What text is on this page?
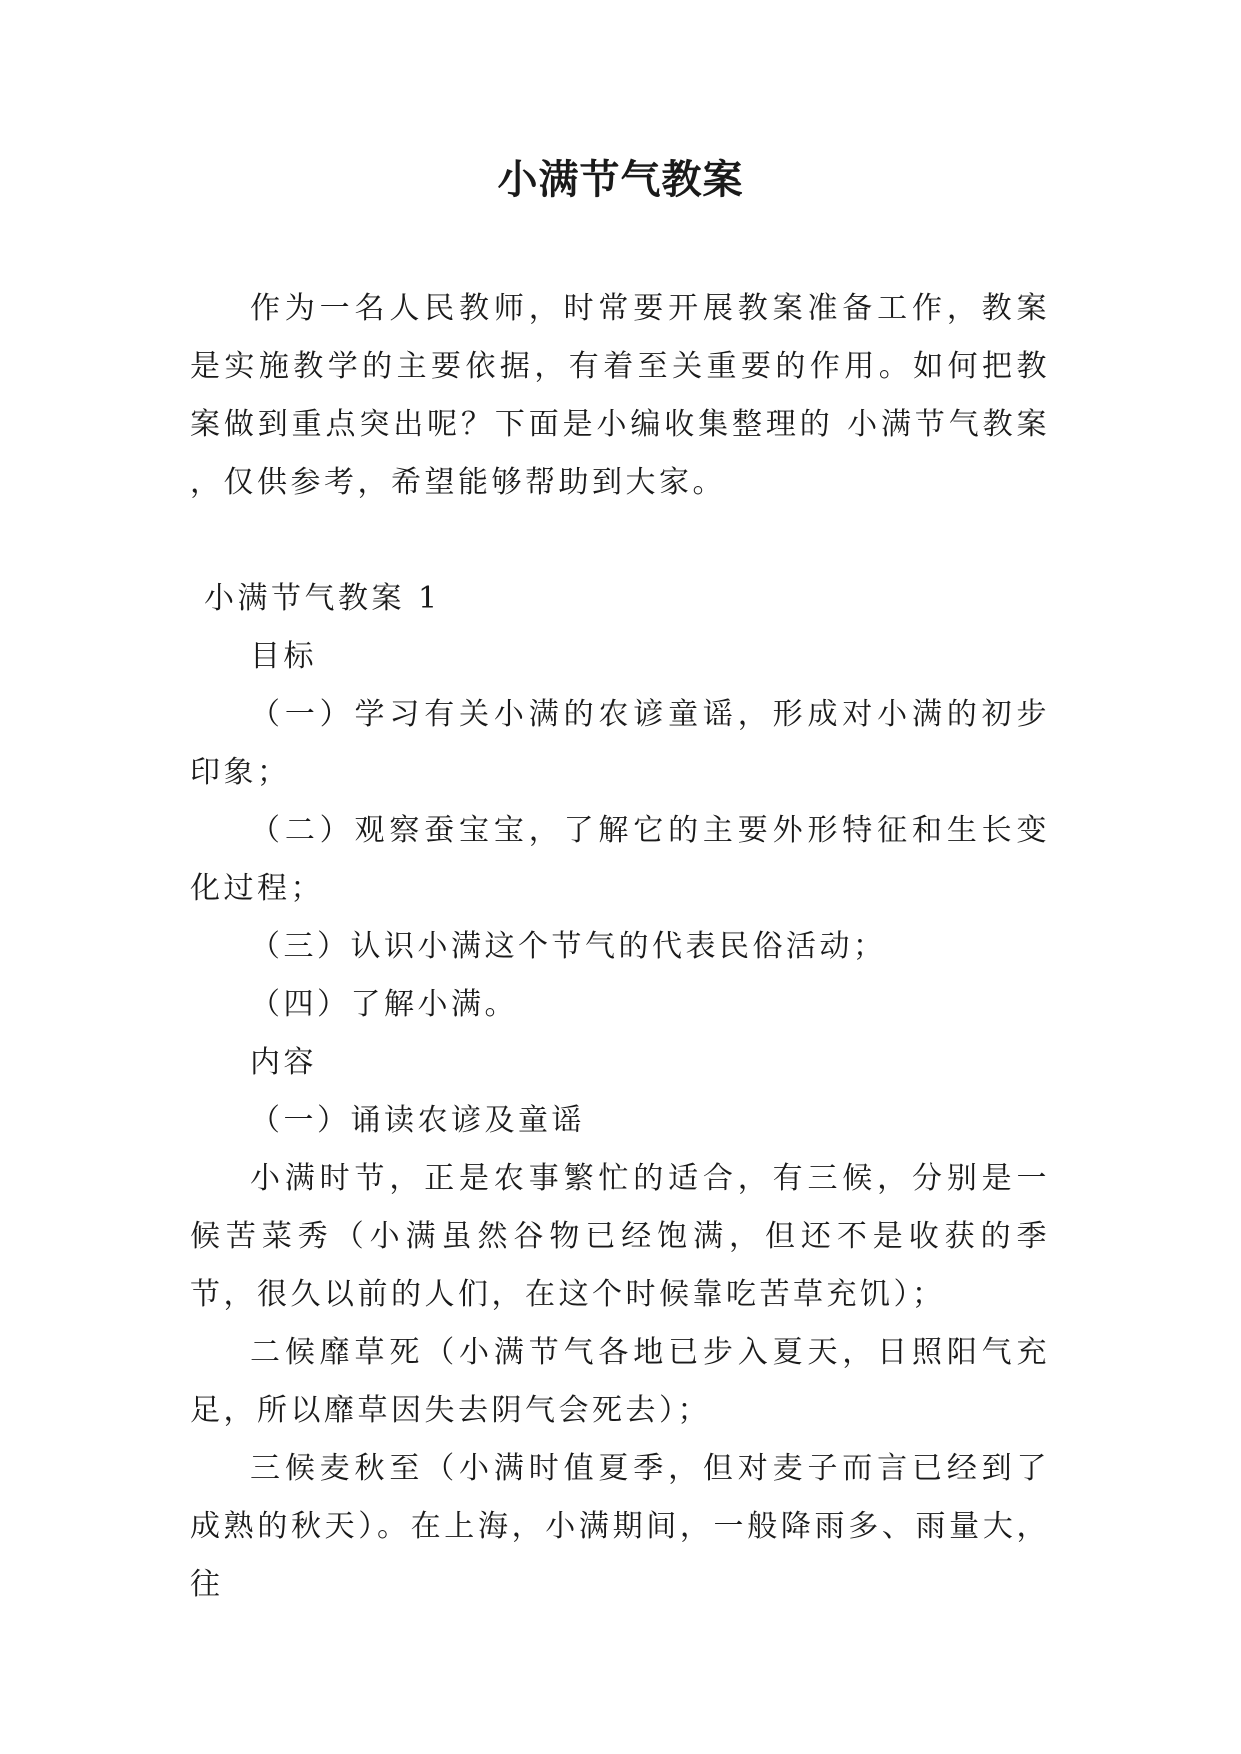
小满节气教案

作为一名人民教师，时常要开展教案准备工作，教案是实施教学的主要依据，有着至关重要的作用。如何把教案做到重点突出呢？下面是小编收集整理的 小满节气教案 ，仅供参考，希望能够帮助到大家。

小满节气教案 1

目标

（一）学习有关小满的农谚童谣，形成对小满的初步印象；

（二）观察蚕宝宝，了解它的主要外形特征和生长变化过程；

（三）认识小满这个节气的代表民俗活动；

（四）了解小满。

内容

（一）诵读农谚及童谣

小满时节，正是农事繁忙的适合，有三候，分别是一候苦菜秀（小满虽然谷物已经饱满，但还不是收获的季节，很久以前的人们，在这个时候靠吃苦草充饥）；

二候靡草死（小满节气各地已步入夏天，日照阳气充足，所以靡草因失去阴气会死去）；

三候麦秋至（小满时值夏季，但对麦子而言已经到了成熟的秋天）。在上海，小满期间，一般降雨多、雨量大，往
